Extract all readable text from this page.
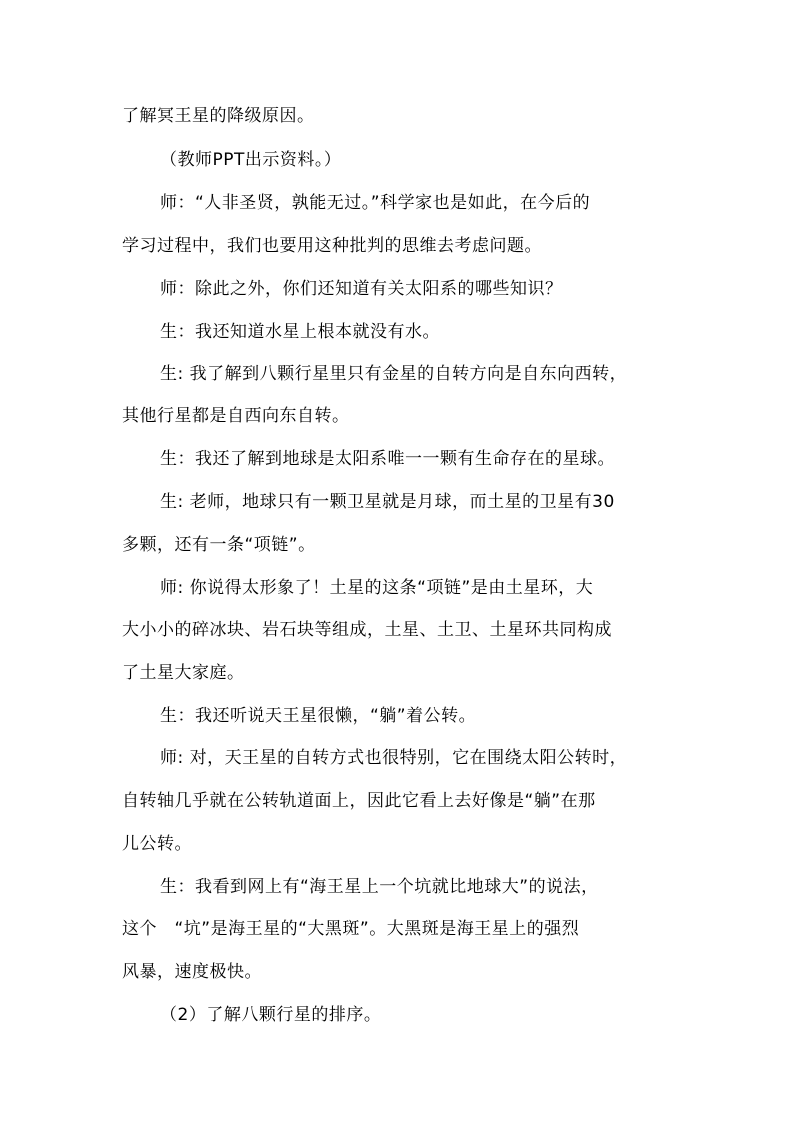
了解冥王星的降级原因。
（教师PPT出示资料。）
师：“人非圣贤，孰能无过。”科学家也是如此，在今后的
学习过程中，我们也要用这种批判的思维去考虑问题。
师：除此之外，你们还知道有关太阳系的哪些知识？
生：我还知道水星上根本就没有水。
生: 我了解到八颗行星里只有金星的自转方向是自东向西转，
其他行星都是自西向东自转。
生：我还了解到地球是太阳系唯一一颗有生命存在的星球。
生: 老师，地球只有一颗卫星就是月球，而土星的卫星有30
多颗，还有一条“项链”。
师: 你说得太形象了！土星的这条“项链”是由土星环，大
大小小的碎冰块、岩石块等组成，土星、土卫、土星环共同构成
了土星大家庭。
生：我还听说天王星很懒，“躺”着公转。
师: 对，天王星的自转方式也很特别，它在围绕太阳公转时，
自转轴几乎就在公转轨道面上，因此它看上去好像是“躺”在那
儿公转。
生：我看到网上有“海王星上一个坑就比地球大”的说法，
这个　“坑”是海王星的“大黑斑”。大黑斑是海王星上的强烈
风暴，速度极快。
（2）了解八颗行星的排序。
